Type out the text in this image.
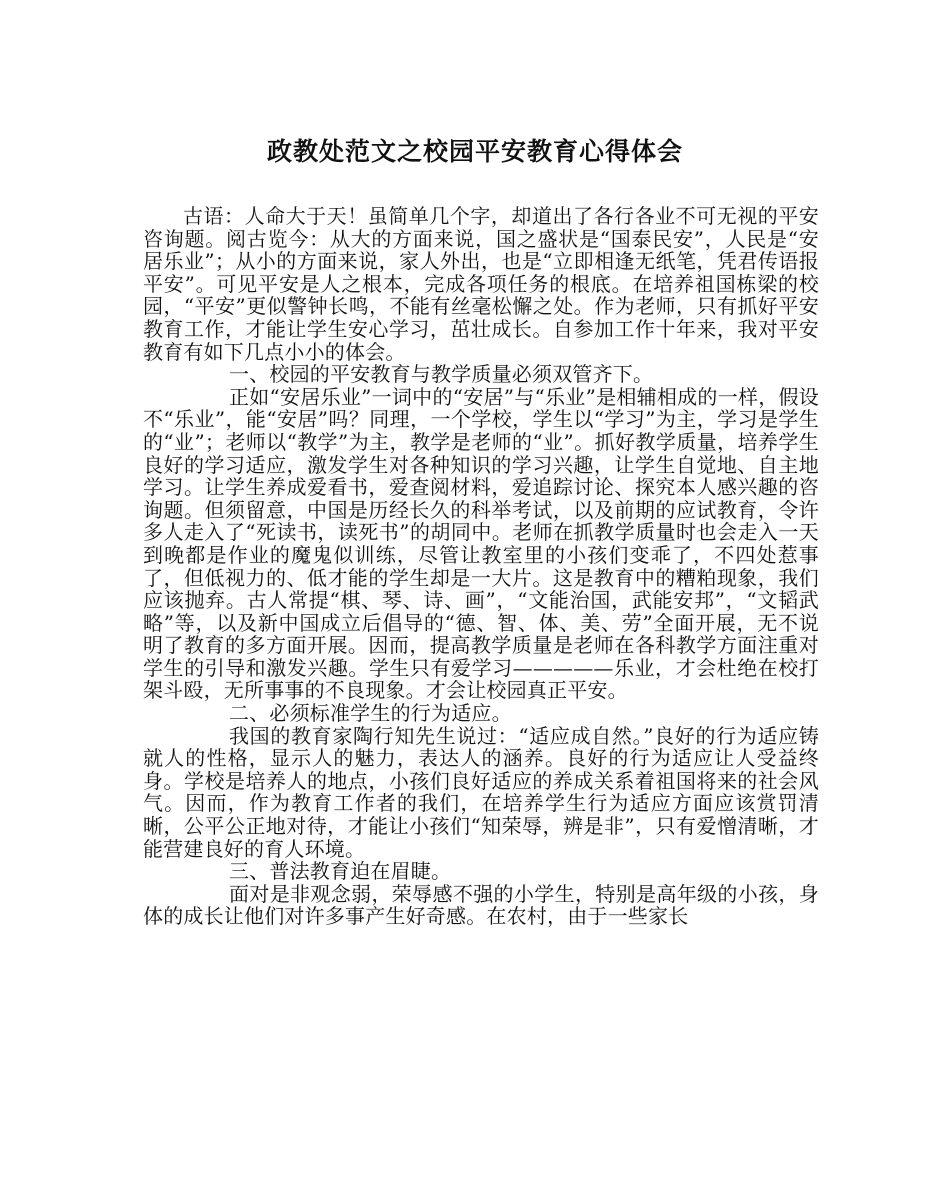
政教处范文之校园平安教育心得体会

古语：人命大于天！虽简单几个字，却道出了各行各业不可无视的平安咨询题。阅古览今：从大的方面来说，国之盛状是“国泰民安”，人民是“安居乐业”；从小的方面来说，家人外出，也是“立即相逢无纸笔，凭君传语报平安”。可见平安是人之根本，完成各项任务的根底。在培养祖国栋梁的校园，“平安”更似警钟长鸣，不能有丝毫松懈之处。作为老师，只有抓好平安教育工作，才能让学生安心学习，茁壮成长。自参加工作十年来，我对平安教育有如下几点小小的体会。

一、校园的平安教育与教学质量必须双管齐下。

正如“安居乐业”一词中的“安居”与“乐业”是相辅相成的一样，假设不“乐业”，能“安居”吗？同理，一个学校，学生以“学习”为主，学习是学生的“业”；老师以“教学”为主，教学是老师的“业”。抓好教学质量，培养学生良好的学习适应，激发学生对各种知识的学习兴趣，让学生自觉地、自主地学习。让学生养成爱看书，爱查阅材料，爱追踪讨论、探究本人感兴趣的咨询题。但须留意，中国是历经长久的科举考试，以及前期的应试教育，令许多人走入了“死读书，读死书”的胡同中。老师在抓教学质量时也会走入一天到晚都是作业的魔鬼似训练，尽管让教室里的小孩们变乖了，不四处惹事了，但低视力的、低才能的学生却是一大片。这是教育中的糟粕现象，我们应该抛弃。古人常提“棋、琴、诗、画”，“文能治国，武能安邦”，“文韬武略”等，以及新中国成立后倡导的“德、智、体、美、劳”全面开展，无不说明了教育的多方面开展。因而，提高教学质量是老师在各科教学方面注重对学生的引导和激发兴趣。学生只有爱学习—————乐业，才会杜绝在校打架斗殴，无所事事的不良现象。才会让校园真正平安。

二、必须标准学生的行为适应。

我国的教育家陶行知先生说过：“适应成自然。”良好的行为适应铸就人的性格，显示人的魅力，表达人的涵养。良好的行为适应让人受益终身。学校是培养人的地点，小孩们良好适应的养成关系着祖国将来的社会风气。因而，作为教育工作者的我们，在培养学生行为适应方面应该赏罚清晰，公平公正地对待，才能让小孩们“知荣辱，辨是非”，只有爱憎清晰，才能营建良好的育人环境。

三、普法教育迫在眉睫。

面对是非观念弱，荣辱感不强的小学生，特别是高年级的小孩，身体的成长让他们对许多事产生好奇感。在农村，由于一些家长
